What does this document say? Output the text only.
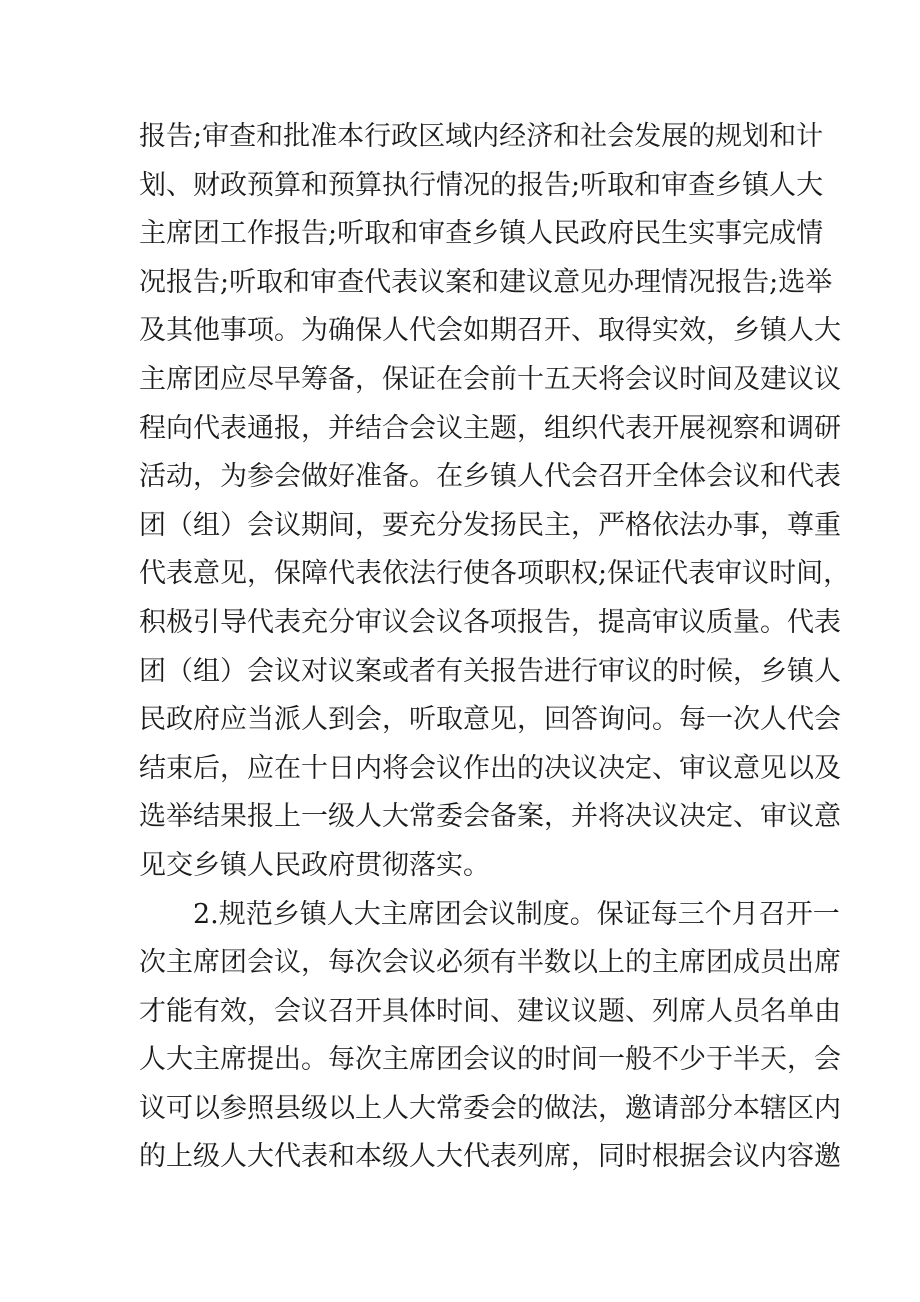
报告;审查和批准本行政区域内经济和社会发展的规划和计
划、财政预算和预算执行情况的报告;听取和审查乡镇人大
主席团工作报告;听取和审查乡镇人民政府民生实事完成情
况报告;听取和审查代表议案和建议意见办理情况报告;选举
及其他事项。为确保人代会如期召开、取得实效，乡镇人大
主席团应尽早筹备，保证在会前十五天将会议时间及建议议
程向代表通报，并结合会议主题，组织代表开展视察和调研
活动，为参会做好准备。在乡镇人代会召开全体会议和代表
团（组）会议期间，要充分发扬民主，严格依法办事，尊重
代表意见，保障代表依法行使各项职权;保证代表审议时间，
积极引导代表充分审议会议各项报告，提高审议质量。代表
团（组）会议对议案或者有关报告进行审议的时候，乡镇人
民政府应当派人到会，听取意见，回答询问。每一次人代会
结束后，应在十日内将会议作出的决议决定、审议意见以及
选举结果报上一级人大常委会备案，并将决议决定、审议意
见交乡镇人民政府贯彻落实。
2.规范乡镇人大主席团会议制度。保证每三个月召开一
次主席团会议，每次会议必须有半数以上的主席团成员出席
才能有效，会议召开具体时间、建议议题、列席人员名单由
人大主席提出。每次主席团会议的时间一般不少于半天，会
议可以参照县级以上人大常委会的做法，邀请部分本辖区内
的上级人大代表和本级人大代表列席，同时根据会议内容邀
